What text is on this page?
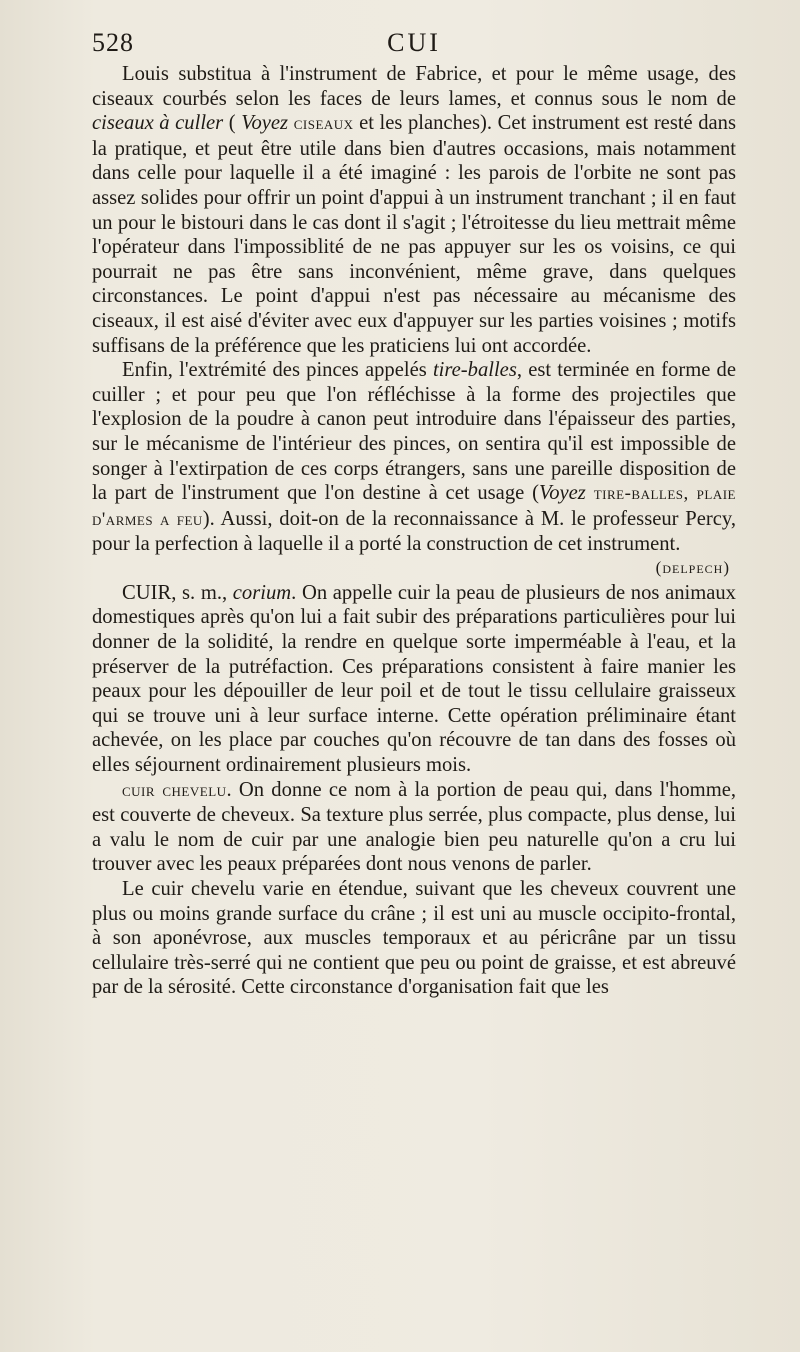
528	CUI

Louis substitua à l'instrument de Fabrice, et pour le même usage, des ciseaux courbés selon les faces de leurs lames, et connus sous le nom de ciseaux à culler ( Voyez ciseaux et les planches). Cet instrument est resté dans la pratique, et peut être utile dans bien d'autres occasions, mais notamment dans celle pour laquelle il a été imaginé : les parois de l'orbite ne sont pas assez solides pour offrir un point d'appui à un instrument tranchant ; il en faut un pour le bistouri dans le cas dont il s'agit ; l'étroitesse du lieu mettrait même l'opérateur dans l'impossiblité de ne pas appuyer sur les os voisins, ce qui pourrait ne pas être sans inconvénient, même grave, dans quelques circonstances. Le point d'appui n'est pas nécessaire au mécanisme des ciseaux, il est aisé d'éviter avec eux d'appuyer sur les parties voisines ; motifs suffisans de la préférence que les praticiens lui ont accordée.

Enfin, l'extrémité des pinces appelés tire-balles, est terminée en forme de cuiller ; et pour peu que l'on réfléchisse à la forme des projectiles que l'explosion de la poudre à canon peut introduire dans l'épaisseur des parties, sur le mécanisme de l'intérieur des pinces, on sentira qu'il est impossible de songer à l'extirpation de ces corps étrangers, sans une pareille disposition de la part de l'instrument que l'on destine à cet usage (Voyez tire-balles, plaie d'armes a feu). Aussi, doit-on de la reconnaissance à M. le professeur Percy, pour la perfection à laquelle il a porté la construction de cet instrument.

(delpech)

CUIR, s. m., corium. On appelle cuir la peau de plusieurs de nos animaux domestiques après qu'on lui a fait subir des préparations particulières pour lui donner de la solidité, la rendre en quelque sorte imperméable à l'eau, et la préserver de la putréfaction. Ces préparations consistent à faire manier les peaux pour les dépouiller de leur poil et de tout le tissu cellulaire graisseux qui se trouve uni à leur surface interne. Cette opération préliminaire étant achevée, on les place par couches qu'on récouvre de tan dans des fosses où elles séjournent ordinairement plusieurs mois.

cuir chevelu. On donne ce nom à la portion de peau qui, dans l'homme, est couverte de cheveux. Sa texture plus serrée, plus compacte, plus dense, lui a valu le nom de cuir par une analogie bien peu naturelle qu'on a cru lui trouver avec les peaux préparées dont nous venons de parler.

Le cuir chevelu varie en étendue, suivant que les cheveux couvrent une plus ou moins grande surface du crâne ; il est uni au muscle occipito-frontal, à son aponévrose, aux muscles temporaux et au péricrâne par un tissu cellulaire très-serré qui ne contient que peu ou point de graisse, et est abreuvé par de la sérosité. Cette circonstance d'organisation fait que les
